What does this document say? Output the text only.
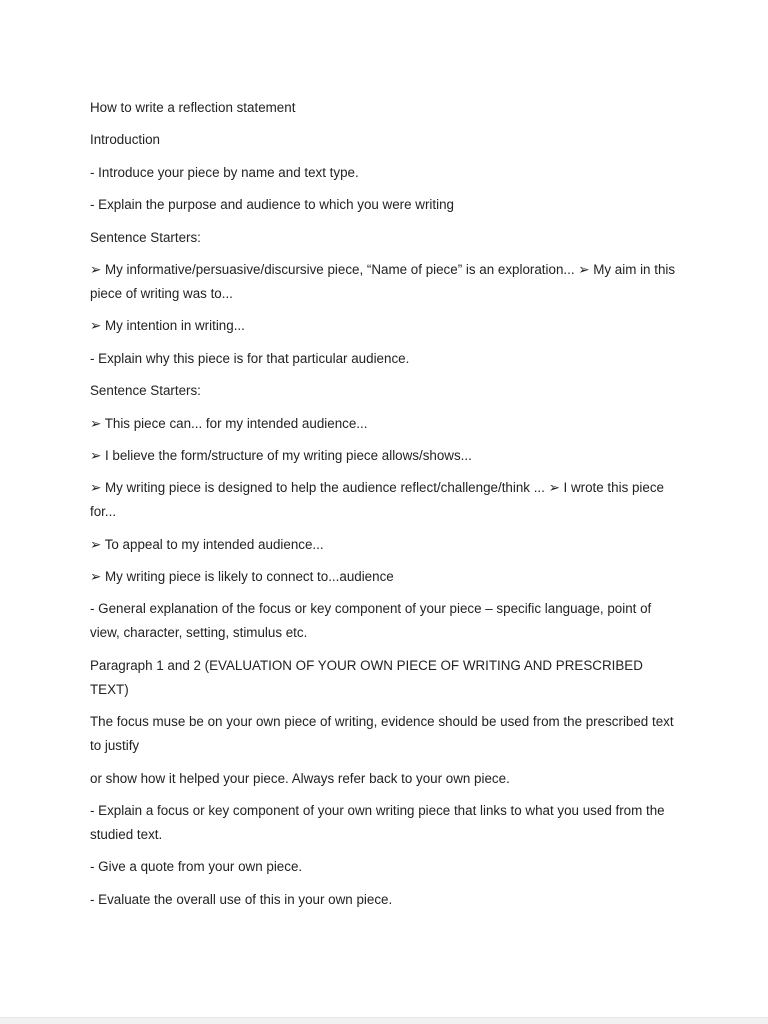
How to write a reflection statement

Introduction

- Introduce your piece by name and text type.

- Explain the purpose and audience to which you were writing

Sentence Starters:

➢ My informative/persuasive/discursive piece, “Name of piece” is an exploration... ➢ My aim in this piece of writing was to...

➢ My intention in writing...

- Explain why this piece is for that particular audience.

Sentence Starters:

➢ This piece can... for my intended audience...

➢ I believe the form/structure of my writing piece allows/shows...

➢ My writing piece is designed to help the audience reflect/challenge/think ... ➢ I wrote this piece for...

➢ To appeal to my intended audience...

➢ My writing piece is likely to connect to...audience

- General explanation of the focus or key component of your piece – specific language, point of view, character, setting, stimulus etc.

Paragraph 1 and 2 (EVALUATION OF YOUR OWN PIECE OF WRITING AND PRESCRIBED TEXT)

The focus muse be on your own piece of writing, evidence should be used from the prescribed text to justify

or show how it helped your piece. Always refer back to your own piece.

- Explain a focus or key component of your own writing piece that links to what you used from the studied text.

- Give a quote from your own piece.

- Evaluate the overall use of this in your own piece.
